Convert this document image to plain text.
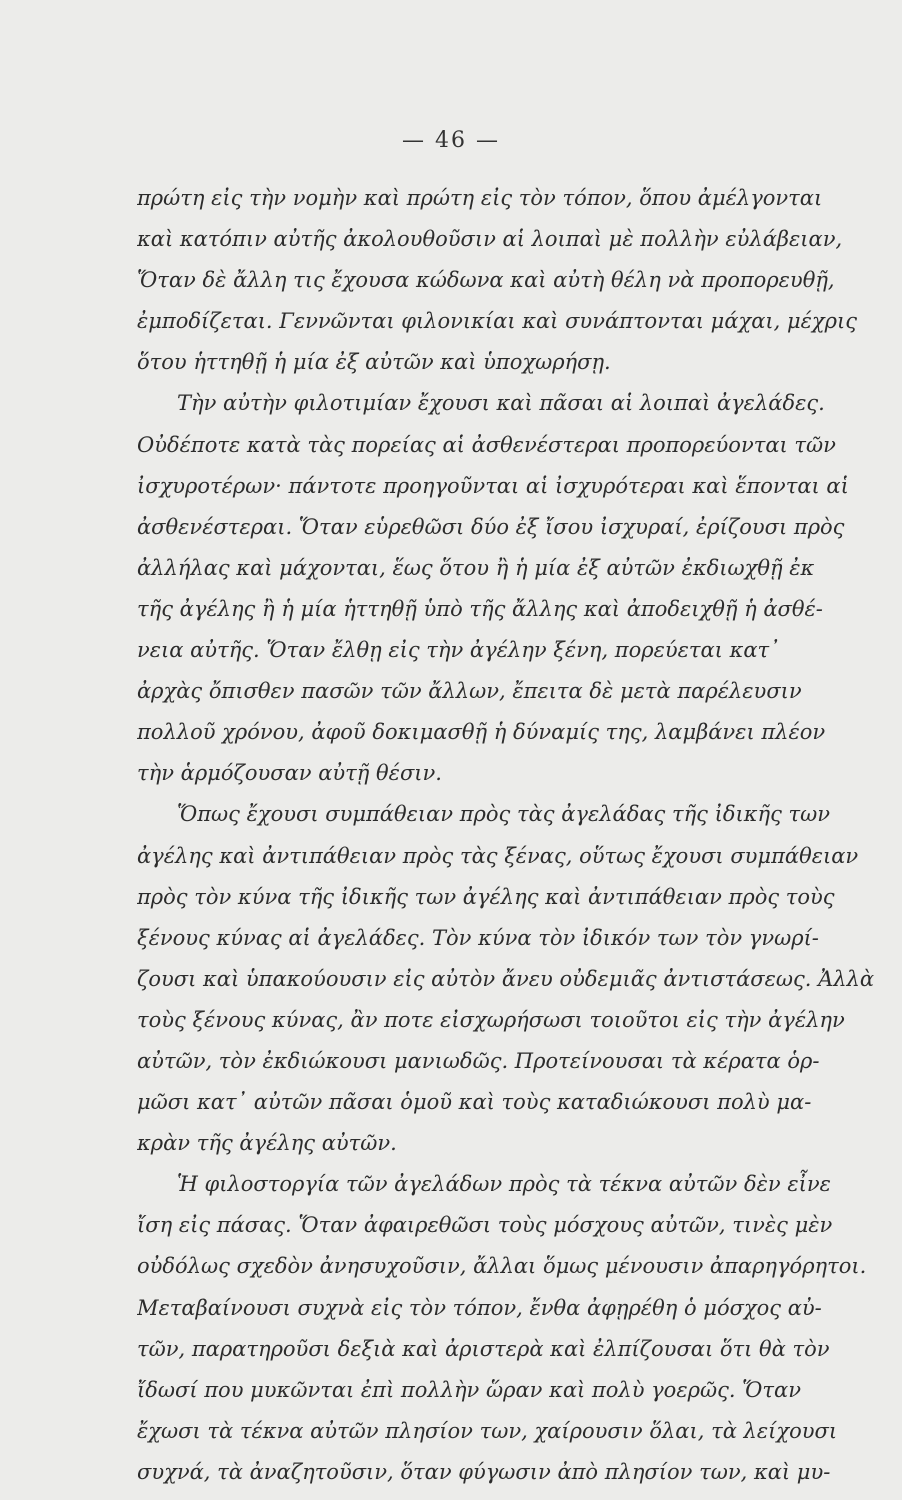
— 46 —
πρώτη εἰς τὴν νομὴν καὶ πρώτη εἰς τὸν τόπον, ὅπου ἀμέλγονται
καὶ κατόπιν αὐτῆς ἀκολουθοῦσιν αἱ λοιπαὶ μὲ πολλὴν εὐλάβειαν,
Ὅταν δὲ ἄλλη τις ἔχουσα κώδωνα καὶ αὐτὴ θέλη νὰ προπορευθῇ,
ἐμποδίζεται. Γεννῶνται φιλονικίαι καὶ συνάπτονται μάχαι, μέχρις
ὅτου ἡττηθῇ ἡ μία ἐξ αὐτῶν καὶ ὑποχωρήσῃ.
Τὴν αὐτὴν φιλοτιμίαν ἔχουσι καὶ πᾶσαι αἱ λοιπαὶ ἀγελάδες.
Οὐδέποτε κατὰ τὰς πορείας αἱ ἀσθενέστεραι προπορεύονται τῶν
ἰσχυροτέρων· πάντοτε προηγοῦνται αἱ ἰσχυρότεραι καὶ ἕπονται αἱ
ἀσθενέστεραι. Ὅταν εὑρεθῶσι δύο ἐξ ἴσου ἰσχυραί, ἐρίζουσι πρὸς
ἀλλήλας καὶ μάχονται, ἕως ὅτου ἢ ἡ μία ἐξ αὐτῶν ἐκδιωχθῇ ἐκ
τῆς ἀγέλης ἢ ἡ μία ἡττηθῇ ὑπὸ τῆς ἄλλης καὶ ἀποδειχθῇ ἡ ἀσθέ-
νεια αὐτῆς. Ὅταν ἔλθῃ εἰς τὴν ἀγέλην ξένη, πορεύεται κατ᾽
ἀρχὰς ὄπισθεν πασῶν τῶν ἄλλων, ἔπειτα δὲ μετὰ παρέλευσιν
πολλοῦ χρόνου, ἀφοῦ δοκιμασθῇ ἡ δύναμίς της, λαμβάνει πλέον
τὴν ἁρμόζουσαν αὐτῇ θέσιν.
Ὅπως ἔχουσι συμπάθειαν πρὸς τὰς ἀγελάδας τῆς ἰδικῆς των
ἀγέλης καὶ ἀντιπάθειαν πρὸς τὰς ξένας, οὕτως ἔχουσι συμπάθειαν
πρὸς τὸν κύνα τῆς ἰδικῆς των ἀγέλης καὶ ἀντιπάθειαν πρὸς τοὺς
ξένους κύνας αἱ ἀγελάδες. Τὸν κύνα τὸν ἰδικόν των τὸν γνωρί-
ζουσι καὶ ὑπακούουσιν εἰς αὐτὸν ἄνευ οὐδεμιᾶς ἀντιστάσεως. Ἀλλὰ
τοὺς ξένους κύνας, ἂν ποτε εἰσχωρήσωσι τοιοῦτοι εἰς τὴν ἀγέλην
αὐτῶν, τὸν ἐκδιώκουσι μανιωδῶς. Προτείνουσαι τὰ κέρατα ὁρ-
μῶσι κατ᾽ αὐτῶν πᾶσαι ὁμοῦ καὶ τοὺς καταδιώκουσι πολὺ μα-
κρὰν τῆς ἀγέλης αὐτῶν.
Ἡ φιλοστοργία τῶν ἀγελάδων πρὸς τὰ τέκνα αὐτῶν δὲν εἶνε
ἴση εἰς πάσας. Ὅταν ἀφαιρεθῶσι τοὺς μόσχους αὐτῶν, τινὲς μὲν
οὐδόλως σχεδὸν ἀνησυχοῦσιν, ἄλλαι ὅμως μένουσιν ἀπαρηγόρητοι.
Μεταβαίνουσι συχνὰ εἰς τὸν τόπον, ἔνθα ἀφῃρέθη ὁ μόσχος αὐ-
τῶν, παρατηροῦσι δεξιὰ καὶ ἀριστερὰ καὶ ἐλπίζουσαι ὅτι θὰ τὸν
ἴδωσί που μυκῶνται ἐπὶ πολλὴν ὥραν καὶ πολὺ γοερῶς. Ὅταν
ἔχωσι τὰ τέκνα αὐτῶν πλησίον των, χαίρουσιν ὅλαι, τὰ λείχουσι
συχνά, τὰ ἀναζητοῦσιν, ὅταν φύγωσιν ἀπὸ πλησίον των, καὶ μυ-
